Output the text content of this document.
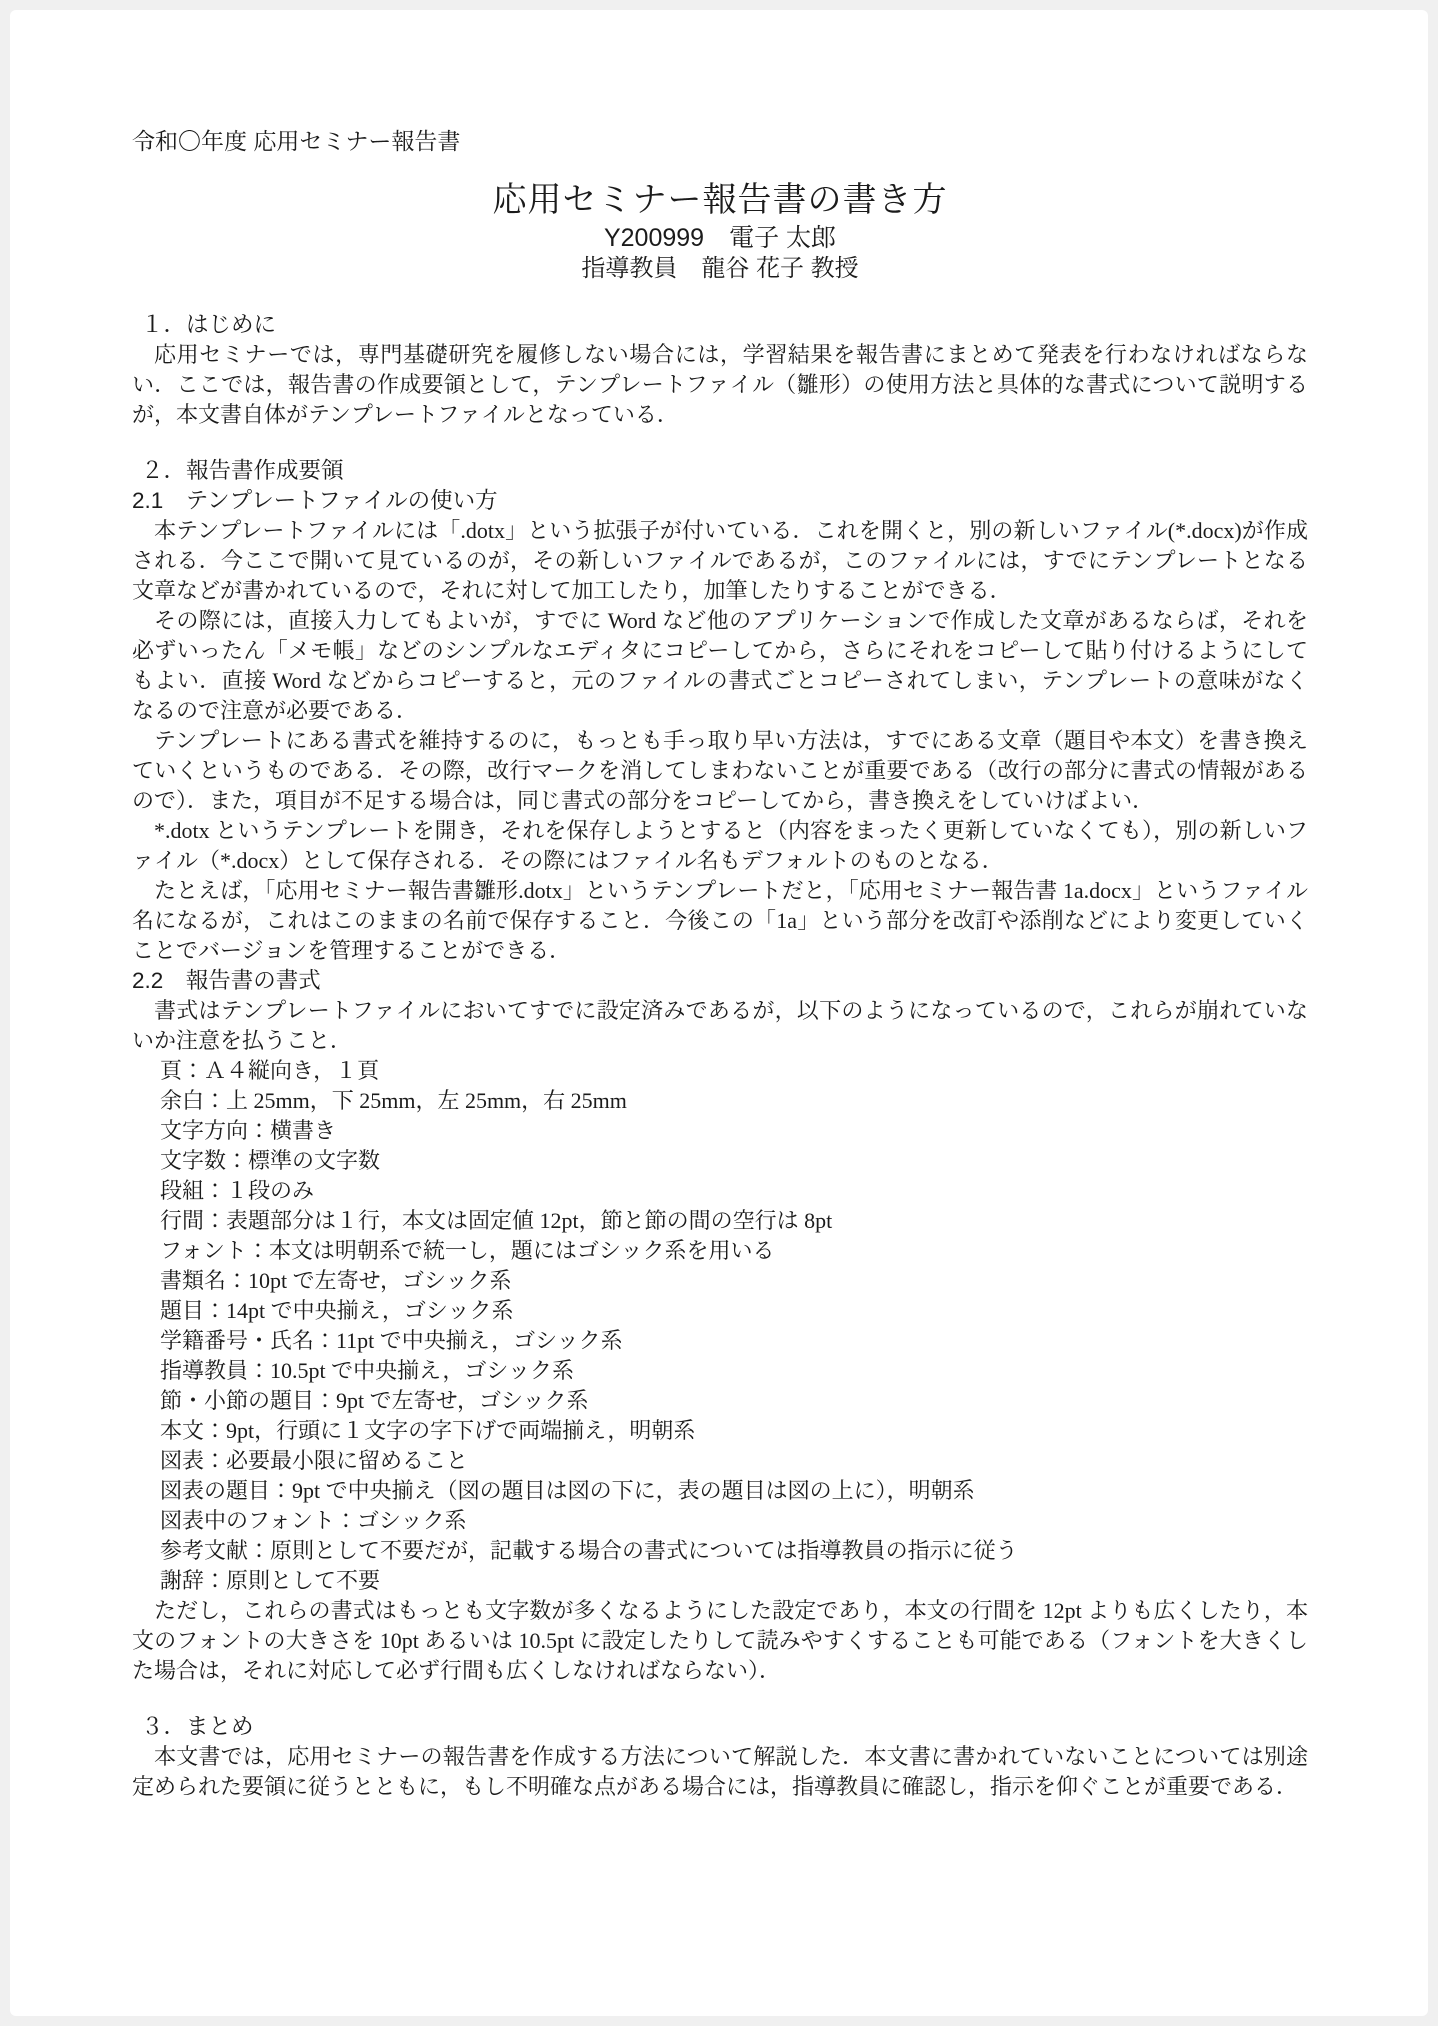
令和〇年度 応用セミナー報告書
応用セミナー報告書の書き方
Y200999　電子 太郎
指導教員　龍谷 花子 教授
１．はじめに

応用セミナーでは，専門基礎研究を履修しない場合には，学習結果を報告書にまとめて発表を行わなければならない．ここでは，報告書の作成要領として，テンプレートファイル（雛形）の使用方法と具体的な書式について説明するが，本文書自体がテンプレートファイルとなっている．

２．報告書作成要領
2.1　テンプレートファイルの使い方

本テンプレートファイルには「.dotx」という拡張子が付いている．これを開くと，別の新しいファイル(*.docx)が作成される．今ここで開いて見ているのが，その新しいファイルであるが，このファイルには，すでにテンプレートとなる文章などが書かれているので，それに対して加工したり，加筆したりすることができる．

その際には，直接入力してもよいが，すでに Word など他のアプリケーションで作成した文章があるならば，それを必ずいったん「メモ帳」などのシンプルなエディタにコピーしてから，さらにそれをコピーして貼り付けるようにしてもよい．直接 Word などからコピーすると，元のファイルの書式ごとコピーされてしまい，テンプレートの意味がなくなるので注意が必要である．

テンプレートにある書式を維持するのに，もっとも手っ取り早い方法は，すでにある文章（題目や本文）を書き換えていくというものである．その際，改行マークを消してしまわないことが重要である（改行の部分に書式の情報があるので）．また，項目が不足する場合は，同じ書式の部分をコピーしてから，書き換えをしていけばよい．

*.dotx というテンプレートを開き，それを保存しようとすると（内容をまったく更新していなくても），別の新しいファイル（*.docx）として保存される．その際にはファイル名もデフォルトのものとなる．

たとえば，「応用セミナー報告書雛形.dotx」というテンプレートだと，「応用セミナー報告書 1a.docx」というファイル名になるが，これはこのままの名前で保存すること．今後この「1a」という部分を改訂や添削などにより変更していくことでバージョンを管理することができる．

2.2　報告書の書式

書式はテンプレートファイルにおいてすでに設定済みであるが，以下のようになっているので，これらが崩れていないか注意を払うこと．

頁：Ａ４縦向き，１頁
余白：上 25mm，下 25mm，左 25mm，右 25mm
文字方向：横書き
文字数：標準の文字数
段組：１段のみ
行間：表題部分は１行，本文は固定値 12pt，節と節の間の空行は 8pt
フォント：本文は明朝系で統一し，題にはゴシック系を用いる
書類名：10pt で左寄せ，ゴシック系
題目：14pt で中央揃え，ゴシック系
学籍番号・氏名：11pt で中央揃え，ゴシック系
指導教員：10.5pt で中央揃え，ゴシック系
節・小節の題目：9pt で左寄せ，ゴシック系
本文：9pt，行頭に１文字の字下げで両端揃え，明朝系
図表：必要最小限に留めること
図表の題目：9pt で中央揃え（図の題目は図の下に，表の題目は図の上に），明朝系
図表中のフォント：ゴシック系
参考文献：原則として不要だが，記載する場合の書式については指導教員の指示に従う
謝辞：原則として不要

ただし，これらの書式はもっとも文字数が多くなるようにした設定であり，本文の行間を 12pt よりも広くしたり，本文のフォントの大きさを 10pt あるいは 10.5pt に設定したりして読みやすくすることも可能である（フォントを大きくした場合は，それに対応して必ず行間も広くしなければならない）．

３．まとめ

本文書では，応用セミナーの報告書を作成する方法について解説した．本文書に書かれていないことについては別途定められた要領に従うとともに，もし不明確な点がある場合には，指導教員に確認し，指示を仰ぐことが重要である．
